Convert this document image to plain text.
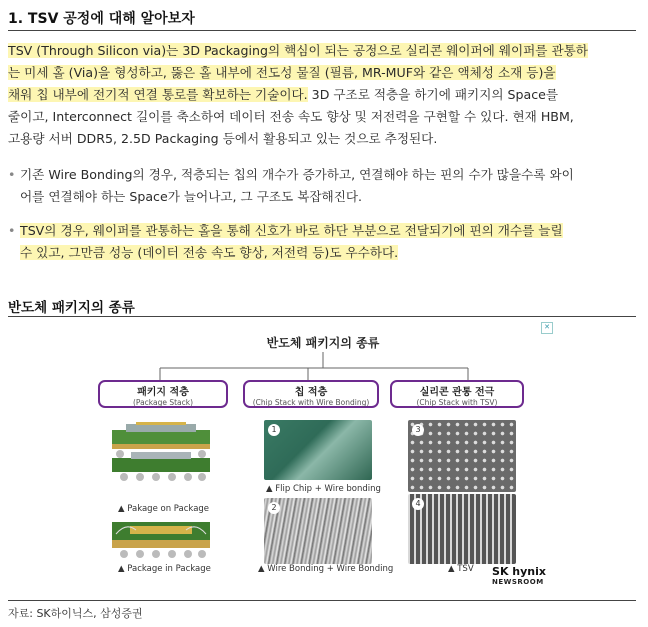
1. TSV 공정에 대해 알아보자
TSV (Through Silicon via)는 3D Packaging의 핵심이 되는 공정으로 실리콘 웨이퍼에 웨이퍼를 관통하
는 미세 홀 (Via)을 형성하고, 뚫은 홀 내부에 전도성 물질 (필름, MR-MUF와 같은 액체성 소재 등)을
채워 칩 내부에 전기적 연결 통로를 확보하는 기술이다. 3D 구조로 적층을 하기에 패키지의 Space를
줄이고, Interconnect 길이를 축소하여 데이터 전송 속도 향상 및 저전력을 구현할 수 있다. 현재 HBM,
고용량 서버 DDR5, 2.5D Packaging 등에서 활용되고 있는 것으로 추정된다.
• 기존 Wire Bonding의 경우, 적층되는 칩의 개수가 증가하고, 연결해야 하는 핀의 수가 많을수록 와이
어를 연결해야 하는 Space가 늘어나고, 그 구조도 복잡해진다.
• TSV의 경우, 웨이퍼를 관통하는 홀을 통해 신호가 바로 하단 부분으로 전달되기에 핀의 개수를 늘릴
수 있고, 그만큼 성능 (데이터 전송 속도 향상, 저전력 등)도 우수하다.
반도체 패키지의 종류
✕
반도체 패키지의 종류
패키지 적층
(Package Stack)
칩 적층
(Chip Stack with Wire Bonding)
실리콘 관통 전극
(Chip Stack with TSV)
▲ Pakage on Package
▲ Package in Package
1
▲ Flip Chip + Wire bonding
2
▲ Wire Bonding + Wire Bonding
3
4
▲ TSV SK hynix
NEWSROOM
자료: SK하이닉스, 삼성증권
